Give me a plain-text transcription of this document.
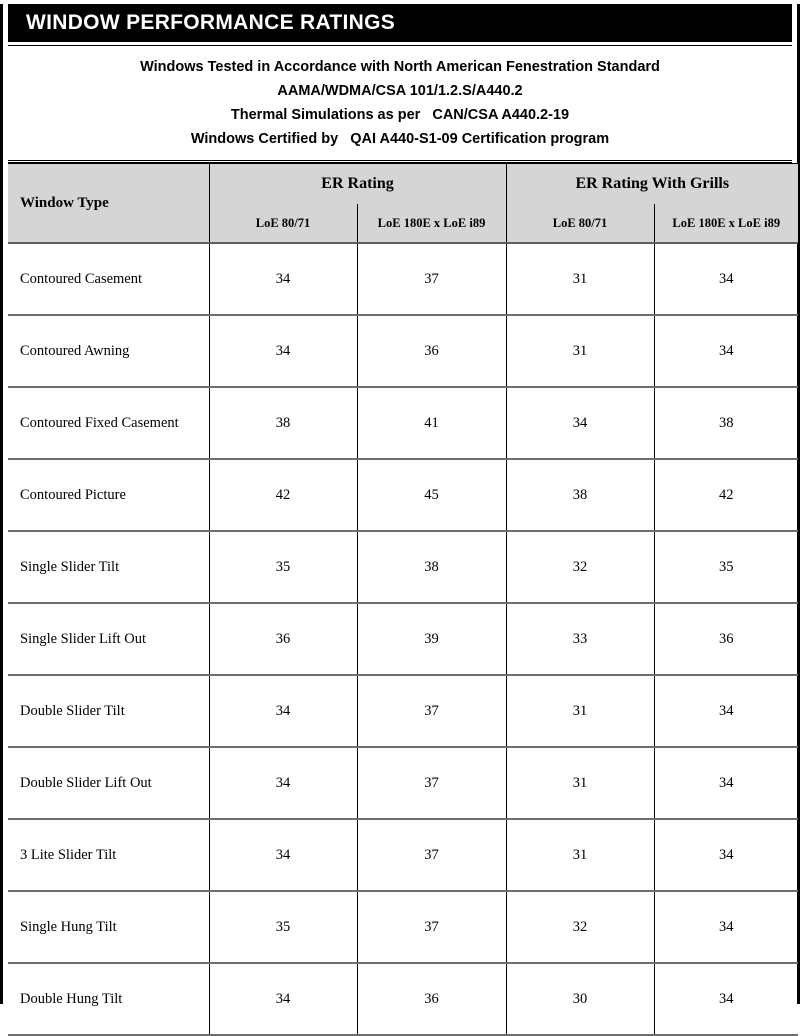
WINDOW PERFORMANCE RATINGS
Windows Tested in Accordance with North American Fenestration Standard
AAMA/WDMA/CSA 101/1.2.S/A440.2
Thermal Simulations as per   CAN/CSA A440.2-19
Windows Certified by   QAI A440-S1-09 Certification program
Window Type	ER Rating		ER Rating With Grills	
	LoE 80/71	LoE 180E x LoE i89	LoE 80/71	LoE 180E x LoE i89
Contoured Casement	34	37	31	34
Contoured Awning	34	36	31	34
Contoured Fixed Casement	38	41	34	38
Contoured Picture	42	45	38	42
Single Slider Tilt	35	38	32	35
Single Slider Lift Out	36	39	33	36
Double Slider Tilt	34	37	31	34
Double Slider Lift Out	34	37	31	34
3 Lite Slider Tilt	34	37	31	34
Single Hung Tilt	35	37	32	34
Double Hung Tilt	34	36	30	34
